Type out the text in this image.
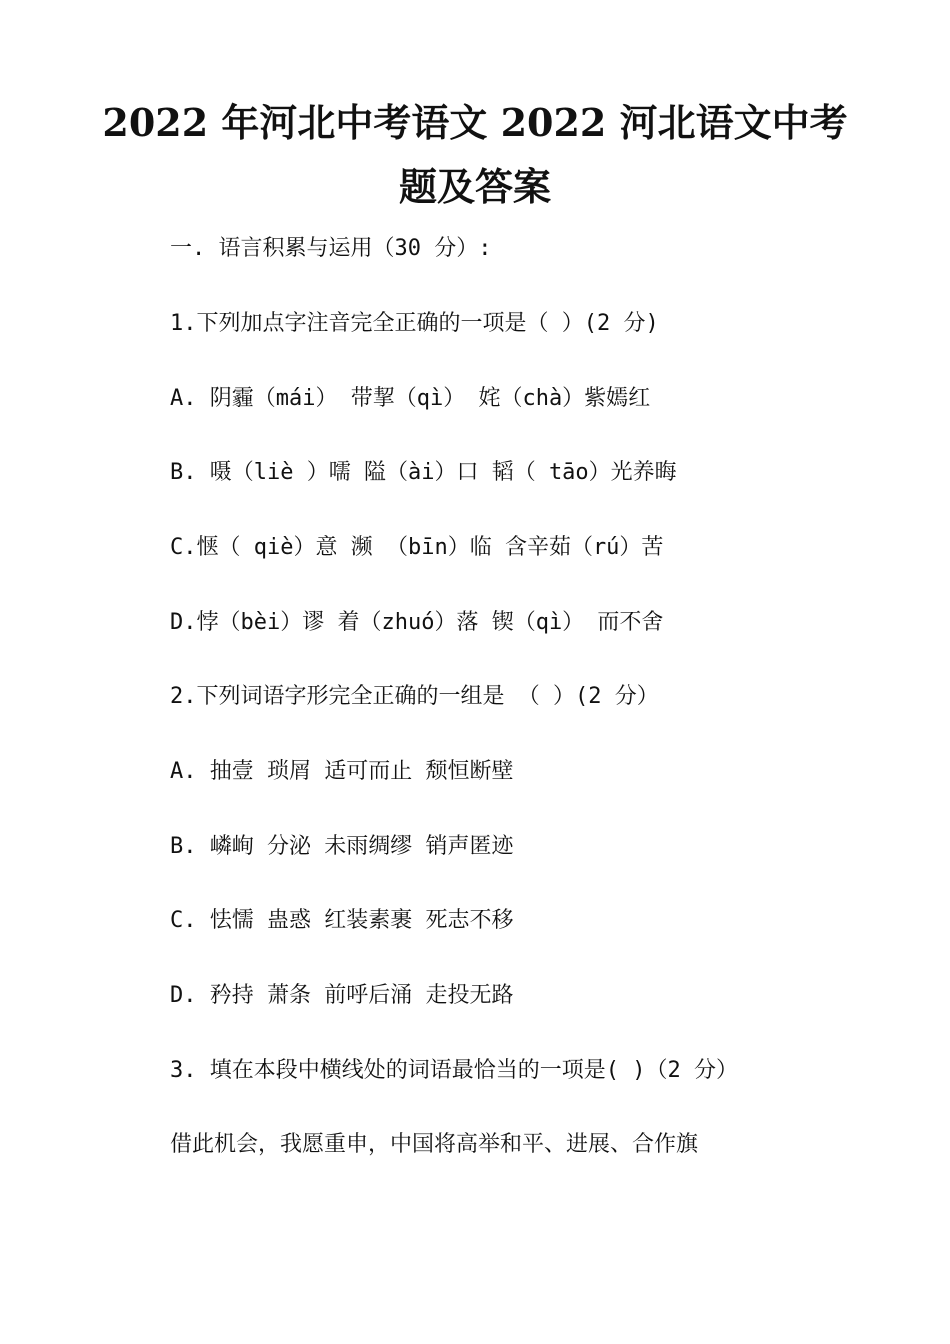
2022 年河北中考语文 2022 河北语文中考
题及答案
一. 语言积累与运用（30 分）:
1.下列加点字注音完全正确的一项是（ ）(2 分)
A. 阴霾（mái） 带挈（qì） 姹（chà）紫嫣红
B. 嗫（liè ）嚅 隘（ài）口 韬（ tāo）光养晦
C.惬（ qiè）意 濒 （bīn）临 含辛茹（rú）苦
D.悖（bèi）谬 着（zhuó）落 锲（qì） 而不舍
2.下列词语字形完全正确的一组是 （ ）(2 分）
A. 抽壹 琐屑 适可而止 颓恒断壁
B. 嶙峋 分泌 未雨绸缪 销声匿迹
C. 怯懦 蛊惑 红装素裹 死志不移
D. 矜持 萧条 前呼后涌 走投无路
3. 填在本段中横线处的词语最恰当的一项是( )（2 分）
借此机会，我愿重申，中国将高举和平、进展、合作旗
